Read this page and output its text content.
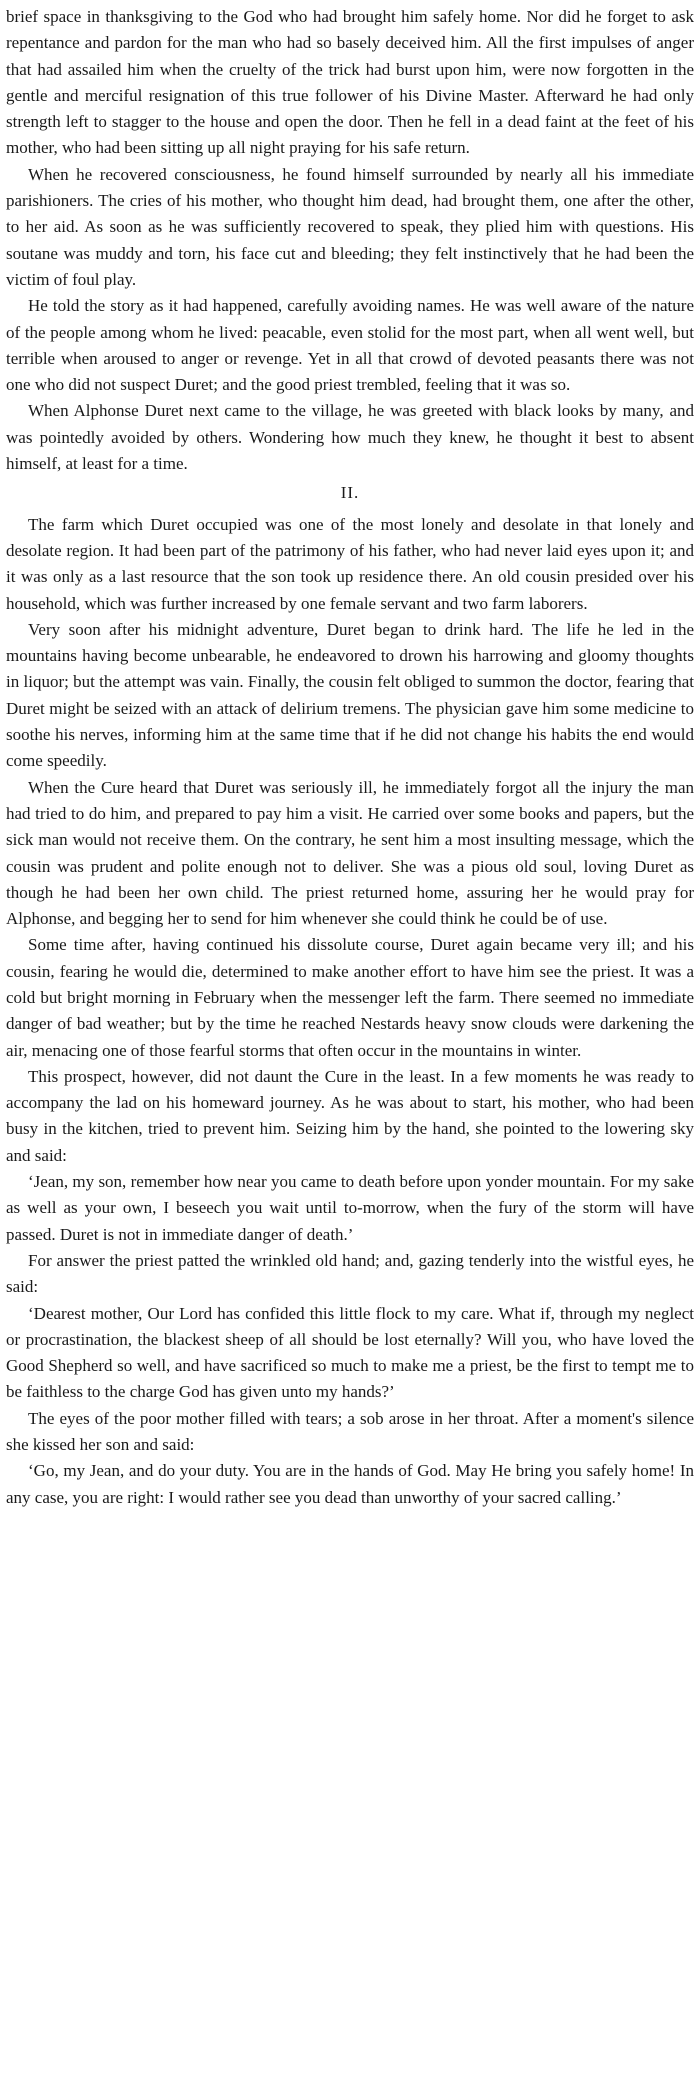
brief space in thanksgiving to the God who had brought him safely home. Nor did he forget to ask repentance and pardon for the man who had so basely deceived him. All the first impulses of anger that had assailed him when the cruelty of the trick had burst upon him, were now forgotten in the gentle and merciful resignation of this true follower of his Divine Master. Afterward he had only strength left to stagger to the house and open the door. Then he fell in a dead faint at the feet of his mother, who had been sitting up all night praying for his safe return.

When he recovered consciousness, he found himself surrounded by nearly all his immediate parishioners. The cries of his mother, who thought him dead, had brought them, one after the other, to her aid. As soon as he was sufficiently recovered to speak, they plied him with questions. His soutane was muddy and torn, his face cut and bleeding; they felt instinctively that he had been the victim of foul play.

He told the story as it had happened, carefully avoiding names. He was well aware of the nature of the people among whom he lived: peacable, even stolid for the most part, when all went well, but terrible when aroused to anger or revenge. Yet in all that crowd of devoted peasants there was not one who did not suspect Duret; and the good priest trembled, feeling that it was so.

When Alphonse Duret next came to the village, he was greeted with black looks by many, and was pointedly avoided by others. Wondering how much they knew, he thought it best to absent himself, at least for a time.

II.

The farm which Duret occupied was one of the most lonely and desolate in that lonely and desolate region. It had been part of the patrimony of his father, who had never laid eyes upon it; and it was only as a last resource that the son took up residence there. An old cousin presided over his household, which was further increased by one female servant and two farm laborers.

Very soon after his midnight adventure, Duret began to drink hard. The life he led in the mountains having become unbearable, he endeavored to drown his harrowing and gloomy thoughts in liquor; but the attempt was vain. Finally, the cousin felt obliged to summon the doctor, fearing that Duret might be seized with an attack of delirium tremens. The physician gave him some medicine to soothe his nerves, informing him at the same time that if he did not change his habits the end would come speedily.

When the Cure heard that Duret was seriously ill, he immediately forgot all the injury the man had tried to do him, and prepared to pay him a visit. He carried over some books and papers, but the sick man would not receive them. On the contrary, he sent him a most insulting message, which the cousin was prudent and polite enough not to deliver. She was a pious old soul, loving Duret as though he had been her own child. The priest returned home, assuring her he would pray for Alphonse, and begging her to send for him whenever she could think he could be of use.

Some time after, having continued his dissolute course, Duret again became very ill; and his cousin, fearing he would die, determined to make another effort to have him see the priest. It was a cold but bright morning in February when the messenger left the farm. There seemed no immediate danger of bad weather; but by the time he reached Nestards heavy snow clouds were darkening the air, menacing one of those fearful storms that often occur in the mountains in winter.

This prospect, however, did not daunt the Cure in the least. In a few moments he was ready to accompany the lad on his homeward journey. As he was about to start, his mother, who had been busy in the kitchen, tried to prevent him. Seizing him by the hand, she pointed to the lowering sky and said:

‘Jean, my son, remember how near you came to death before upon yonder mountain. For my sake as well as your own, I beseech you wait until to-morrow, when the fury of the storm will have passed. Duret is not in immediate danger of death.’

For answer the priest patted the wrinkled old hand; and, gazing tenderly into the wistful eyes, he said:

‘Dearest mother, Our Lord has confided this little flock to my care. What if, through my neglect or procrastination, the blackest sheep of all should be lost eternally? Will you, who have loved the Good Shepherd so well, and have sacrificed so much to make me a priest, be the first to tempt me to be faithless to the charge God has given unto my hands?’

The eyes of the poor mother filled with tears; a sob arose in her throat. After a moment's silence she kissed her son and said:

‘Go, my Jean, and do your duty. You are in the hands of God. May He bring you safely home! In any case, you are right: I would rather see you dead than unworthy of your sacred calling.’
